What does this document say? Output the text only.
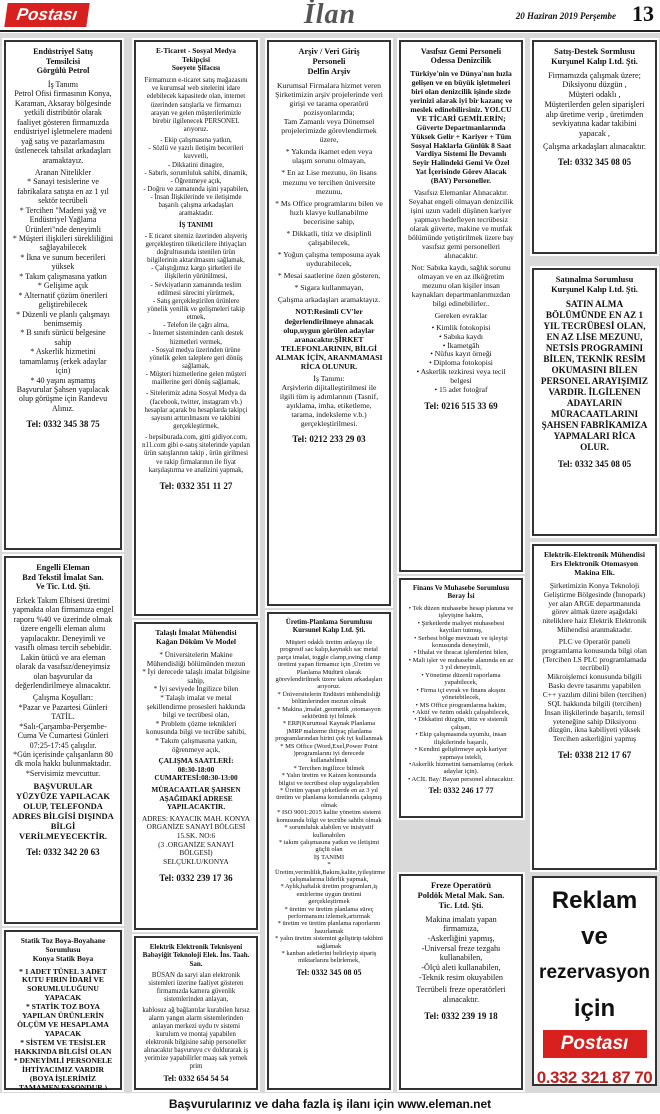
Postası	İlan	20 Haziran 2019 Perşembe 13
Endüstriyel Satış
Temsilcisi
Görgülü Petrol

İş Tanımı
Petrol Ofisi firmasının Konya, Karaman, Aksaray bölgesinde yetkili distribütör olarak faaliyet gösteren firmamızda endüstriyel işletmelere madeni yağ satış ve pazarlamasını üstlenecek tahsilat arkadaşları aramaktayız.

Aranan Nitelikler
* Sanayi tesislerine ve fabrikalara satışta en az 1 yıl sektör tecrübeli
* Tercihen "Madeni yağ ve Endüstriyel Yağlama Ürünleri"nde deneyimli
* Müşteri ilişkileri sürekliliğini sağlayabilecek
* İkna ve sunum becerileri yüksek
* Takım çalışmasına yatkın
* Gelişime açık
* Alternatif çözüm önerileri geliştirebilecek
* Düzenli ve planlı çalışmayı benimsemiş
* B sınıfı sürücü belgesine sahip
* Askerlik hizmetini tamamlamış (erkek adaylar için)
* 40 yaşını aşmamış
Başvurular Şahsen yapılacak olup görüşme için Randevu Alınız.

Tel: 0332 345 38 75
Engelli Eleman
Bzd Tekstil İmalat San.
Ve Tic. Ltd. Şti.

Erkek Takım Elbisesi üretimi yapmakta olan firmamıza engel raporu %40 ve üzerinde olmak üzere engelli eleman alımı yapılacaktır. Deneyimli ve vasıflı olması tercih sebebidir. Lakin ütücü ve ara eleman olarak da vasıfsız/deneyimsiz olan başvurular da değerlendirilmeye alınacaktır.

Çalışma Koşulları:
*Pazar ve Pazartesi Günleri TATİL.
*Salı-Çarşamba-Perşembe-Cuma Ve Cumartesi Günleri 07:25-17:45 çalışılır.
*Gün içerisinde çalışanların 80 dk mola hakkı bulunmaktadır.
*Servisimiz mevcuttur.

BAŞVURULAR YÜZYÜZE YAPILACAK OLUP, TELEFONDA ADRES BİLGİSİ DIŞINDA BİLGİ VERİLMEYECEKTİR.

Tel: 0332 342 20 63
Statik Toz Boya-Boyahane Sorumlusu
Konya Statik Boya

* 1 ADET TÜNEL 3 ADET KUTU FIRIN İDARİ VE SORUMLULUĞUNU YAPACAK
* STATİK TOZ BOYA YAPILAN ÜRÜNLERİN ÖLÇÜM VE HESAPLAMA YAPACAK
* SİSTEM VE TESİSLER HAKKINDA BİLGİSİ OLAN
* DENEYİMLİ PERSONELE İHTİYACIMIZ VARDIR (BOYA İŞLERİMİZ TAMAMEN FASONDUR.)

E-Ticaret - Sosyal Medya Tekipçisi
Soeyete Şifacısı

Firmamızın e-ticaret satış mağazasını ve kurumsal web sitelerini idare edebilecek kapasitede olan, internet üzerinden satışlarla ve firmamızı arayan ve gelen müşterilerimizle birebir ilgilenecek PERSONEL arıyoruz.

- Ekip çalışmasına yatkın,
- Sözlü ve yazılı iletişim becerileri kuvvetli,
- Dikkatini dinagire,
- Sabırlı, sorumluluk sahibi, dinamik,
- Öğrenmeye açık,
- Doğru ve zamanında işini yapabilen,
- İnsan İlişkilerinde ve iletişimde başarılı çalışma arkadaşları aramaktadır.

İŞ TANIMI

- E ticaret sitemiz üzerinden alışveriş gerçekleştiren tüketicilere ihtiyaçları doğrultusunda istenilen ürün bilgilerinin aktarılmasını sağlamak,
- Çalıştığımız kargo şirketleri ile ilişkilerin yürütülmesi,
- Sevkiyatların zamanında teslim edilmesi sürecini yürütmek,
- Satış gerçekleştirilen ürünlere yönelik yenilik ve gelişmeleri takip etmek,
- Telefon ile çağrı alma,
- İnternet sisteminden canlı destek hizmetleri vermek,
- Sosyal medya üzerinden ürüne yönelik gelen taleplere geri dönüş sağlamak,
- Müşteri hizmetlerine gelen müşteri maillerine geri dönüş sağlamak,

- Sitelerimiz adına Sosyal Medya da (facebook, twitter, instagram vb.) hesaplar açarak bu hesaplarda takipçi sayısını arttırılmasını ve takibini gerçekleştirmek,

- hepsiburada.com, gitti gidiyor.com, n11.com gibi e-satış sitelerinde yapılan ürün satışlarının takip , ürün girilmesi ve rakip firmalarının ile fiyat karşılaştırma ve analizini yapmak,

Tel: 0332 351 11 27
Talaşlı İmalat Mühendisi
Kağan Döküm Ve Model

* Üniversitelerin Makine Mühendisliği bölümünden mezun
* İyi derecede talaşlı imalat bilgisine sahip,
* İyi seviyede İngilizce bilen
* Talaşlı imalat ve metal şekillendirme prosesleri hakkında bilgi ve tecrübesi olan,
* Problem çözme teknikleri konusunda bilgi ve tecrübe sahibi,
* Takım çalışmasına yatkın, öğrenmeye açık,

ÇALIŞMA SAATLERİ:
08:30-18:00
CUMARTESİ:08:30-13:00

MÜRACAATLAR ŞAHSEN AŞAĞIDAKİ ADRESE YAPILACAKTIR.

ADRES: KAYACIK MAH. KONYA ORGANİZE SANAYİ BÖLGESİ 15.SK. NO:6
(3 .ORGANİZE SANAYİ BÖLGESİ)
SELÇUKLU/KONYA

Tel: 0332 239 17 36
Elektrik Elektronik Teknisyeni
Babayiğit Teknoloji Elek. İns. Taah. San.

BÜSAN da saryi alan elektronik sistemleri üzerine faaliyet gösteren firmamızda kamera güvenlik sistemlerinden anlayan,

kablosuz ağ bağlantılar kurabilen hırsız alarm yangın alarm sistemlerinden anlayan merkezi uydu tv sistemi kurulum ve montaj yapabilen elektronik bilgisine sahip personeller alınacaktır başvuruyu cv doldurarak iş yerimize yapabilirler maaş sak yemek prim

Tel: 0332 654 54 54
Arşiv / Veri Giriş
Personeli
Delfin Arşiv

Kurumsal Firmalara hizmet veren Şirketimizin arşiv projelerinde veri girişi ve tarama operatörü pozisyonlarında;
Tam Zamanlı veya Dönemsel projelerimizde görevlendirmek üzere,

* Yakında ikamet eden veya ulaşım sorunu olmayan,

* En az Lise mezunu, ön lisans mezunu ve tercihen üniversite mezunu,

* Ms Office programlarını bilen ve hızlı klavye kullanabilme becerisine sahip,

* Dikkatli, titiz ve disiplinli çalışabilecek,

* Yoğun çalışma temposuna ayak uydurabilecek,

* Mesai saatlerine özen gösteren,

* Sigara kullanmayan,

Çalışma arkadaşları aramaktayız.

NOT:Resimli CV'ler değerlendirilmeye alınacak olup,uygun görülen adaylar aranacaktır.ŞİRKET TELEFONLARININ, BİLGİ ALMAK İÇİN, ARANMAMASI RİCA OLUNUR.

İş Tanımı:
Arşivlerin dijitalleştirilmesi ile ilgili tüm iş adımlarının (Tasnif, ayıklama, imha, etiketleme, tarama, indeksleme v.b.) gerçekleştirilmesi.

Tel: 0212 233 29 03
Üretim-Planlama Sorumlusu
Kursunel Kalıp Ltd. Şti.

Müşteri odaklı üretim anlayışı ile progresif sac kalıp,kaynaklı sac metal parça imalat, toggle clamp,swing clamp üretimi yapan firmamız için ,Üretim ve Planlama Müdürü olarak görevlendirilmek üzere takım arkadaşları arıyoruz.
* Üniversitelerin Endüstri mühendisliği bölümlerinden mezun olmak
* Makina ,imalat ,geometik ,otomasyon sektörünü iyi bilmek
* ERP(Kurumsal Kaynak Planlama )MRP malzeme ihtiyaç planlama programlarından birini çok iyi kullanmak
* MS Office (Word,Exel,Power Point )programlarını iyi derecede kullanabilmek
* Tercihen ingilizce bilmek
* Yalın üretim ve Kaizen konusunda bilgisi ve tecrübesi olup uygulayabilen
* Üretim yapan şirketlerde en az 3 yıl üretim ve planlama konularında çalışmış olmak
* ISO 9001:2015 kalite yönetim sistemi konusunda bilgi ve tecrübe sahibi olmak
* sorumluluk alabilen ve inisiyatif kullanabilen
* takım çalışmasına yatkın ve iletişimi güçlü olan
İŞ TANIMI
* Üretim,verimlilik,Bakım,kalite,iyileştirme çalışmalarına liderlik yapmak,
* Aylık,haftalık üretim programları,iş emirlerine uygun üretimi gerçekleştirmek
* üretim ve üretim planlama süreç performansını izlemek,artırmak
* üretim ve üretim planlama raporlarını hazırlamak
* yalın üretim sistemini geliştirip takibini sağlamak
* kanban adetlerini belirleyip sipariş miktarlarını belirlemek,

Tel: 0332 345 08 05
Vasıfsız Gemi Personeli
Odessa Denizcilik

Türkiye'nin ve Dünya'nın hızla gelişen ve en büyük işletmeleri biri olan denizcilik işinde sizde yerinizi alarak iyi bir kazanç ve meslek edinebilirsiniz. YOLCU VE TİCARİ GEMİLERİN; Güverte Departmanlarında Yüksek Gelir + Kariyer + Tüm Sosyal Haklarla Günlük 8 Saat Vardiya Sistemi İle Devamlı Seyir Halindeki Gemi Ve Özel Yat İçerisinde Görev Alacak (BAY) Personeller.

Vasıfsız Elemanlar Alınacaktır. Seyahat engeli olmayan denizcilik işini uzun vadeli düşünen kariyer yapmayı hedefleyen tecrübesiz olarak güverte, makine ve mutfak bölümünde yetiştirilmek üzere bay vasıfsız gemi personelleri alınacaktır.

Not: Sabıka kaydı, sağlık sorunu olmayan ve en az ilköğretim mezunu olan kişiler insan kaynakları departmanlarımızdan bilgi edinebilirler..

Gereken evraklar

• Kimlik fotokopisi
• Sabıka kaydı
• İkametgâh
• Nüfus kayıt örneği
• Diploma fotokopisi
• Askerlik tezkiresi veya tecil belgesi
• 15 adet fotoğraf

Tel: 0216 515 33 69
Finans Ve Muhasebe Sorumlusu
Beray İsi

• Tek düzen muhasebe hesap planına ve işleyişine hakim,
• Şirketlerde maliyet muhasebesi kayıtları tutmuş,
• Serbest bölge mevzuatı ve işleyişi konusunda deneyimli,
• İthalat ve ihracat işlemlerini bilen,
• Mali işler ve muhasebe alanında en az 3 yıl deneyimli,
• Yönetime düzenli raporlama yapabilecek,
• Firma içi evrak ve finans akışını yönetebilecek,
• MS Office programlarına hakim,
• Aktif ve özüm odaklı çalışabilecek,
• Dikkatini düzgün, titiz ve sistemli çalışan,
• Ekip çalışmasında uyumlu, insan ilişkilerinde başarılı,
• Kendini geliştirmeye açık kariyer yapmaya istekli,
•Askerlik hizmetini tamamlamış (erkek adaylar için).
• ACİL Bay/ Bayan personel alınacaktır.

Tel: 0332 246 17 77
Freze Operatörü
Poldök Metal Mak. San.
Tic. Ltd. Şti.

Makina imalatı yapan firmamıza,
-Askerliğini yapmış,
-Universal freze tezgahı kullanabilen,
-Ölçü aleti kullanabilen,
-Teknik resim okuyabilen

Tecrübeli freze operatörleri alınacaktır.

Tel: 0332 239 19 18
Satış-Destek Sormlusu
Kurşunel Kalıp Ltd. Şti.

Firmamızda çalışmak üzere;
Diksiyonu düzgün ,
Müşteri odaklı ,
Müşterilerden gelen siparişleri alıp üretime verip , üretimden sevkiyatına kadar takibini yapacak ,

Çalışma arkadaşları alınacaktır.

Tel: 0332 345 08 05
Satınalma Sorumlusu
Kurşunel Kalıp Ltd. Şti.

SATIN ALMA BÖLÜMÜNDE EN AZ 1 YIL TECRÜBESİ OLAN, EN AZ LİSE MEZUNU, NETSİS PROGRAMINI BİLEN, TEKNİK RESİM OKUMASINI BİLEN PERSONEL ARAYIŞIMIZ VARDIR. İLGİLENEN ADAYLARIN MÜRACAATLARINI ŞAHSEN FABRİKAMIZA YAPMALARI RİCA OLUR.

Tel: 0332 345 08 05
Elektrik-Elektronik Mühendisi
Ers Elektronik Otomasyon Makina Elk.

Şirketimizin Konya Teknoloji Geliştirme Bölgesinde (İnnopark) yer alan ARGE departmanında görev almak üzere aşağıdaki niteliklere haiz Elektrik Elektronik Mühendisi aranmaktadır.

PLC ve Operatör paneli programlama konusunda bilgi olan (Tercihen LS PLC programlamada tecrübeli)
Mikroişlemci konusunda bilgili
Baskı devre tasarımı yapabilen
C++ yazılım dilini bilen (tercihen)
SQL hakkında bilgili (tercihen)
İnsan ilişkilerinde başarılı, temsil yeteneğine sahip Diksiyonu düzgün, ikna kabiliyeti yüksek
Tercihen askerliğini yapmış

Tel: 0338 212 17 67
Reklam
ve
rezervasyon
için
Postası
0.332 321 87 70
Başvurularınız ve daha fazla iş ilanı için www.eleman.net
